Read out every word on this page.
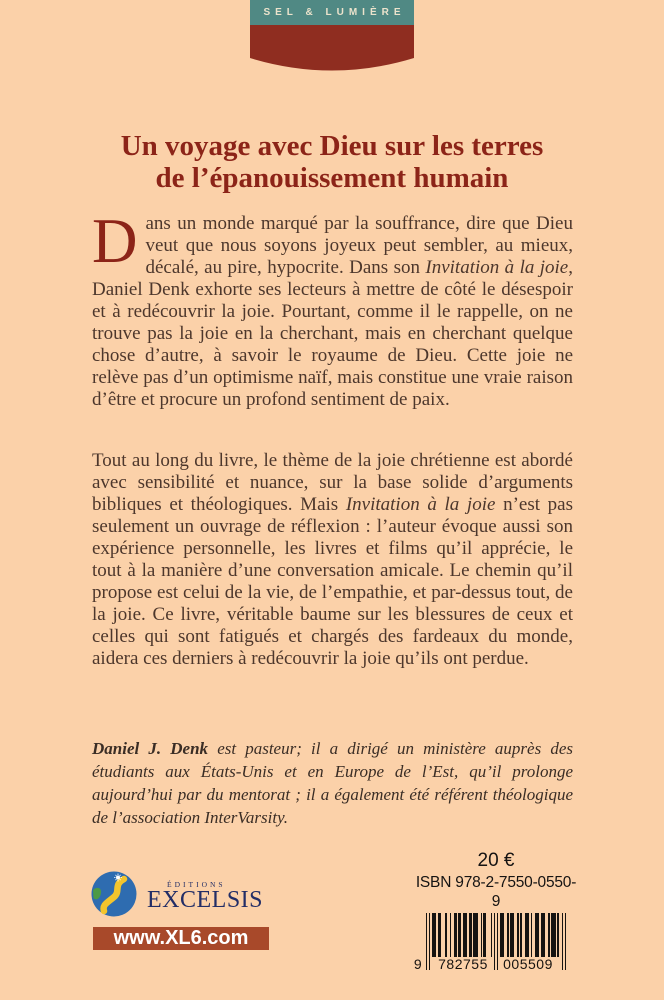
SEL & LUMIÈRE
Un voyage avec Dieu sur les terres
de l’épanouissement humain

Dans un monde marqué par la souffrance, dire que Dieu veut que nous soyons joyeux peut sembler, au mieux, décalé, au pire, hypocrite. Dans son Invitation à la joie, Daniel Denk exhorte ses lecteurs à mettre de côté le désespoir et à redécouvrir la joie. Pourtant, comme il le rappelle, on ne trouve pas la joie en la cherchant, mais en cherchant quelque chose d’autre, à savoir le royaume de Dieu. Cette joie ne relève pas d’un optimisme naïf, mais constitue une vraie raison d’être et procure un profond sentiment de paix.

Tout au long du livre, le thème de la joie chrétienne est abordé avec sensibilité et nuance, sur la base solide d’arguments bibliques et théologiques. Mais Invitation à la joie n’est pas seulement un ouvrage de réflexion : l’auteur évoque aussi son expérience personnelle, les livres et films qu’il apprécie, le tout à la manière d’une conversation amicale. Le chemin qu’il propose est celui de la vie, de l’empathie, et par-dessus tout, de la joie. Ce livre, véritable baume sur les blessures de ceux et celles qui sont fatigués et chargés des fardeaux du monde, aidera ces derniers à redécouvrir la joie qu’ils ont perdue.

Daniel J. Denk est pasteur; il a dirigé un ministère auprès des étudiants aux États-Unis et en Europe de l’Est, qu’il prolonge aujourd’hui par du mentorat ; il a également été référent théologique de l’association InterVarsity.

20 €
ISBN 978-2-7550-0550-9
9 782755 005509
ÉDITIONS
EXCELSIS
www.XL6.com
